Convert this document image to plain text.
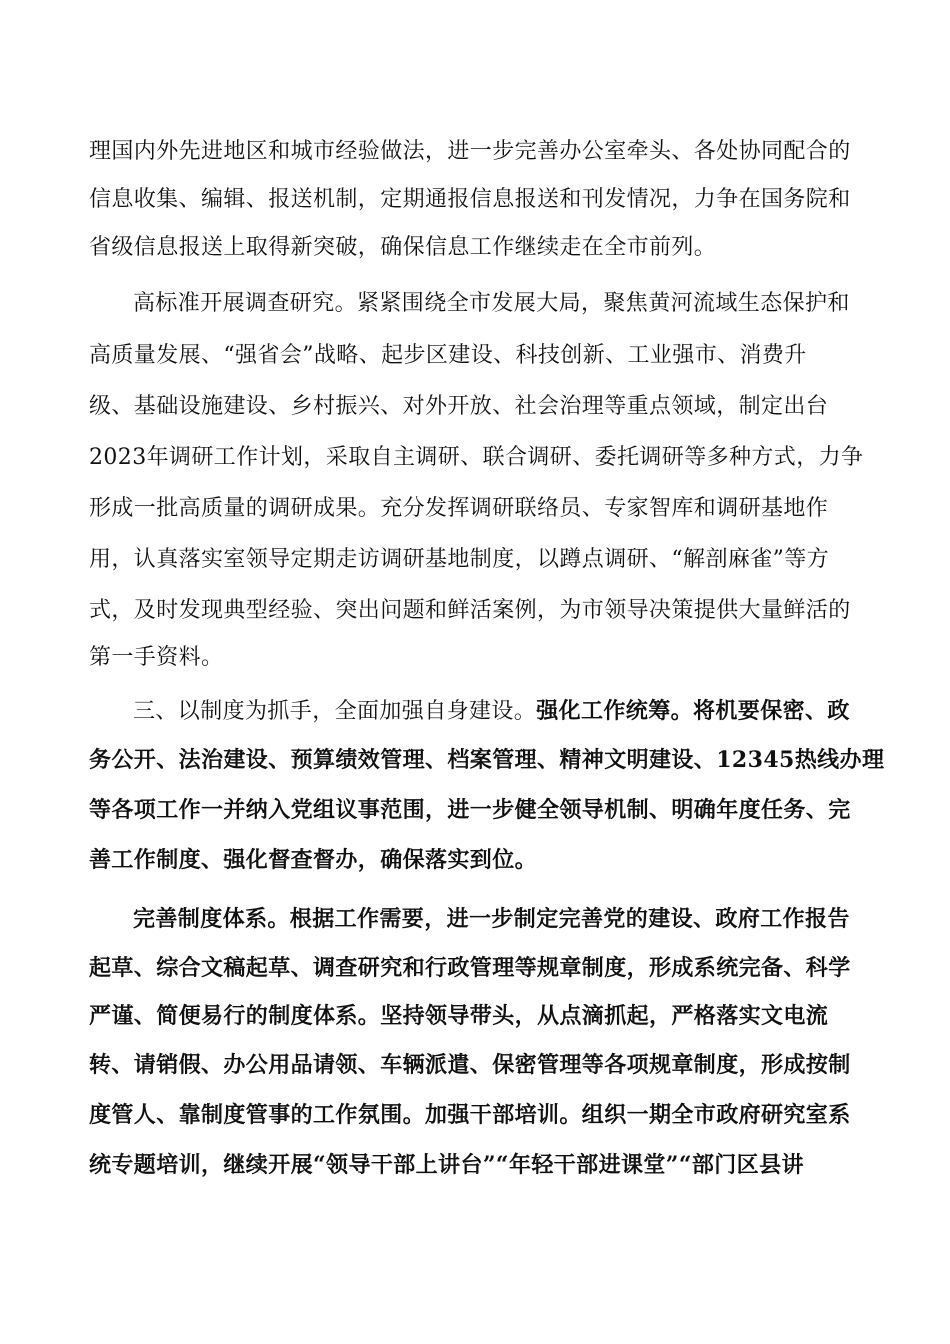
理国内外先进地区和城市经验做法，进一步完善办公室牵头、各处协同配合的
信息收集、编辑、报送机制，定期通报信息报送和刊发情况，力争在国务院和
省级信息报送上取得新突破，确保信息工作继续走在全市前列。
高标准开展调查研究。紧紧围绕全市发展大局，聚焦黄河流域生态保护和
高质量发展、“强省会”战略、起步区建设、科技创新、工业强市、消费升
级、基础设施建设、乡村振兴、对外开放、社会治理等重点领域，制定出台
2023年调研工作计划，采取自主调研、联合调研、委托调研等多种方式，力争
形成一批高质量的调研成果。充分发挥调研联络员、专家智库和调研基地作
用，认真落实室领导定期走访调研基地制度，以蹲点调研、“解剖麻雀”等方
式，及时发现典型经验、突出问题和鲜活案例，为市领导决策提供大量鲜活的
第一手资料。
三、以制度为抓手，全面加强自身建设。强化工作统筹。将机要保密、政
务公开、法治建设、预算绩效管理、档案管理、精神文明建设、12345热线办理
等各项工作一并纳入党组议事范围，进一步健全领导机制、明确年度任务、完
善工作制度、强化督查督办，确保落实到位。
完善制度体系。根据工作需要，进一步制定完善党的建设、政府工作报告
起草、综合文稿起草、调查研究和行政管理等规章制度，形成系统完备、科学
严谨、简便易行的制度体系。坚持领导带头，从点滴抓起，严格落实文电流
转、请销假、办公用品请领、车辆派遣、保密管理等各项规章制度，形成按制
度管人、靠制度管事的工作氛围。加强干部培训。组织一期全市政府研究室系
统专题培训，继续开展“领导干部上讲台”“年轻干部进课堂”“部门区县讲
